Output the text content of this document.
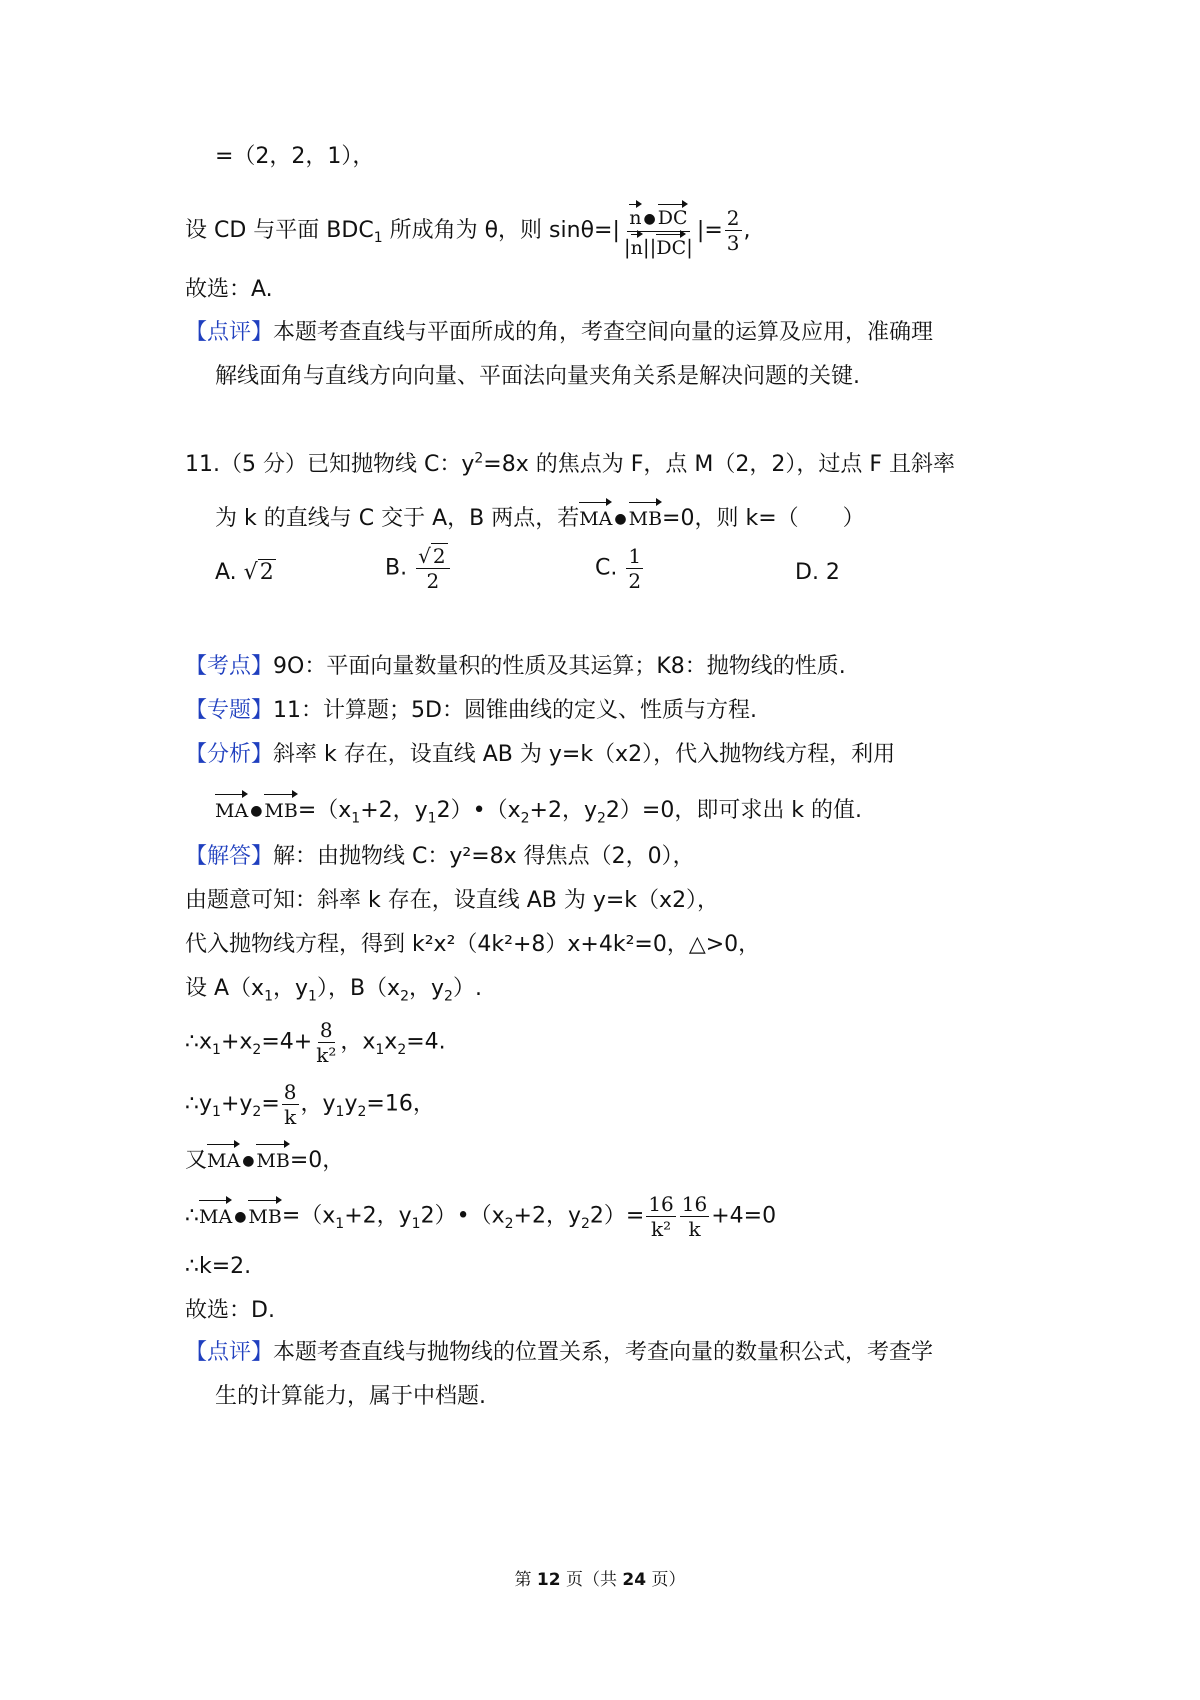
=（2，﻿2，1），
设 CD 与平面 $BDC_1$ 所成角为 θ，则 $\sin\theta=| \frac{n ● DC}{|n||DC|}$ |= $\frac{2}{3}$ ,
故选：A.
【点评】本题考查直线与平面所成的角，考查空间向量的运算及应用，准确理
解线面角与直线方向向量、平面法向量夹角关系是解决问题的关键.
11.（5 分）已知抛物线 C：$y^2=8x$ 的焦点为 F，点 M（﻿2，2），过点 F 且斜率
为 k 的直线与 C 交于 A，B 两点，若MA ● MB=0，则 k=（　　）
A. √2	B. $\frac{√ 2}{2}$	C. $\frac{1}{2}$	D. 2
【考点】9O：平面向量数量积的性质及其运算；K8：抛物线的性质.
【专题】11：计算题；5D：圆锥曲线的定义、性质与方程.
【分析】斜率 k 存在，设直线 AB 为 y=k（x﻿2），代入抛物线方程，利用
MA ● $MB=(x_1+2$，$y_1﻿2)•(x_2+2$，$y_2﻿2)=0$，即可求出 k 的值.
【解答】解：由抛物线 C：y²=8x 得焦点（2，0），
由题意可知：斜率 k 存在，设直线 AB 为 y=k（x﻿2），
代入抛物线方程，得到 k²x²﻿（4k²+8）x+4k²=0，△>0，
设 $A(x_1$，$y_1$），$B(x_2$，$y_2$）.
$\therefore x_1+x_2=4+ \frac{8}{\text{k²}}$ ，$x_1x_2=4$.
$\therefore y_1+y_2= \frac{8}{k}$ ，$y_1y_2=﻿16$，
又MA ● MB=0，
∴MA ● $MB=(x_1+2$，$y_1﻿2)•(x_2+2$，$y_2﻿2)= \frac{16}{\text{k²}}$
﻿ $\frac{16}{k} +4=0$
∴k=2.
故选：D.
【点评】本题考查直线与抛物线的位置关系，考查向量的数量积公式，考查学
生的计算能力，属于中档题.
第 12 页（共 24 页）
